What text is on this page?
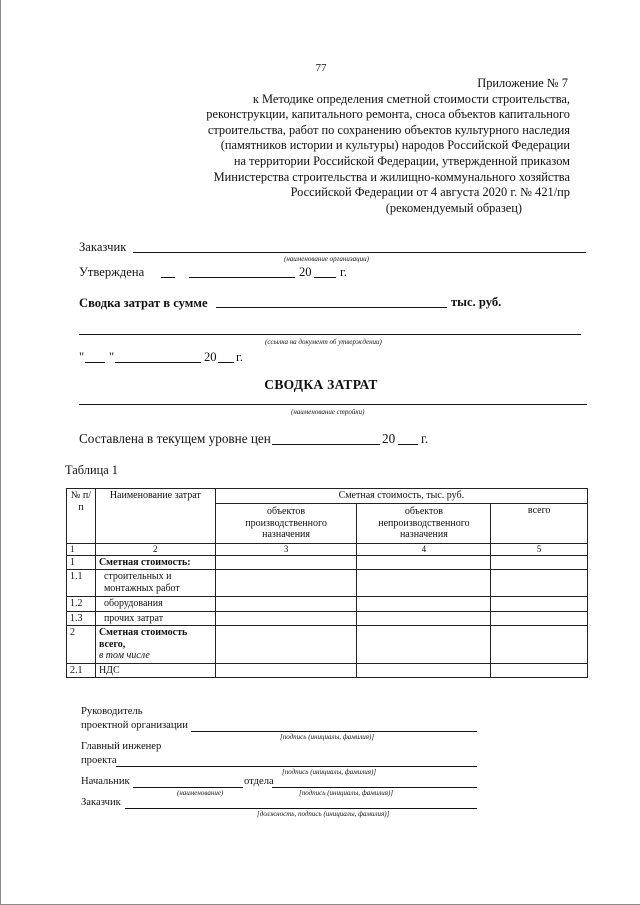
77
Приложение № 7
к Методике определения сметной стоимости строительства,
реконструкции, капитального ремонта, сноса объектов капитального
строительства, работ по сохранению объектов культурного наследия
(памятников истории и культуры) народов Российской Федерации
на территории Российской Федерации, утвержденной приказом
Министерства строительства и жилищно-коммунального хозяйства
Российской Федерации от 4 августа 2020 г. № 421/пр
(рекомендуемый образец)
Заказчик
(наименование организации)
Утверждена	20 г.
Сводка затрат в сумме	тыс. руб.
(ссылка на документ об утверждении)
" "	20 г.
СВОДКА ЗАТРАТ
(наименование стройки)
Составлена в текущем уровне цен	20 г.
Таблица 1
№ п/п	Наименование затрат	Сметная стоимость, тыс. руб.		
		объектов производственного назначения	объектов непроизводственного назначения	всего
1	2	3	4	5
1	Сметная стоимость:			
1.1	строительных и монтажных работ			
1.2	оборудования			
1.3	прочих затрат			
2	Сметная стоимость всего,
в том числе			

2.1	НДС			
Руководитель
проектной организации
[подпись (инициалы, фамилия)]
Главный инженер
проекта
[подпись (инициалы, фамилия)]
Начальник	отдела
(наименование)	[подпись (инициалы, фамилия)]
Заказчик
[должность, подпись (инициалы, фамилия)]
